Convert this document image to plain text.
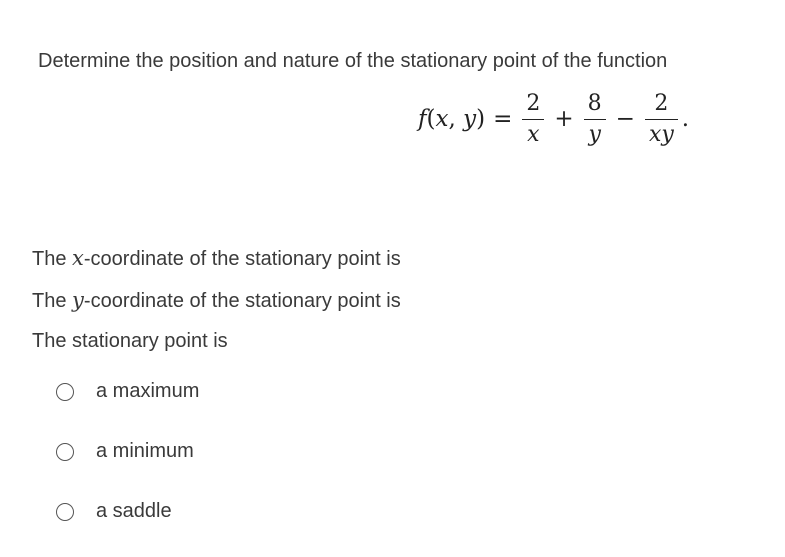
Determine the position and nature of the stationary point of the function
f(x, $y) = \frac{2}{x} + \frac{8}{y} - \frac{2}{xy}$ .
The x-coordinate of the stationary point is
The y-coordinate of the stationary point is
The stationary point is
a maximum
a minimum
a saddle
